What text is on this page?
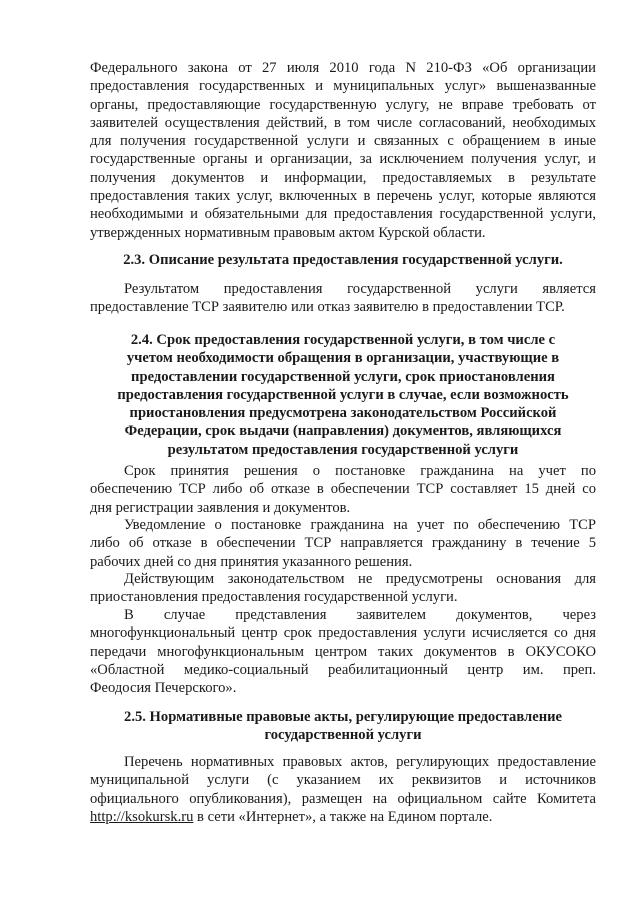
Федерального закона от 27 июля 2010 года N 210-ФЗ «Об организации
предоставления государственных и муниципальных услуг» вышеназванные
органы, предоставляющие государственную услугу, не вправе требовать от
заявителей осуществления действий, в том числе согласований, необходимых
для получения государственной услуги и связанных с обращением в иные
государственные органы и организации, за исключением получения услуг, и
получения документов и информации, предоставляемых в результате
предоставления таких услуг, включенных в перечень услуг, которые являются
необходимыми и обязательными для предоставления государственной услуги,
утвержденных нормативным правовым актом Курской области.
2.3. Описание результата предоставления государственной услуги.
Результатом предоставления государственной услуги является
предоставление ТСР заявителю или отказ заявителю в предоставлении ТСР.
2.4. Срок предоставления государственной услуги, в том числе с
учетом необходимости обращения в организации, участвующие в
предоставлении государственной услуги, срок приостановления
предоставления государственной услуги в случае, если возможность
приостановления предусмотрена законодательством Российской
Федерации, срок выдачи (направления) документов, являющихся
результатом предоставления государственной услуги
Срок принятия решения о постановке гражданина на учет по
обеспечению ТСР либо об отказе в обеспечении ТСР составляет 15 дней со
дня регистрации заявления и документов.
Уведомление о постановке гражданина на учет по обеспечению ТСР
либо об отказе в обеспечении ТСР направляется гражданину в течение 5
рабочих дней со дня принятия указанного решения.
Действующим законодательством не предусмотрены основания для
приостановления предоставления государственной услуги.
В случае представления заявителем документов, через
многофункциональный центр срок предоставления услуги исчисляется со дня
передачи многофункциональным центром таких документов в ОКУСОКО
«Областной медико-социальный реабилитационный центр им. преп.
Феодосия Печерского».
2.5. Нормативные правовые акты, регулирующие предоставление
государственной услуги
Перечень нормативных правовых актов, регулирующих предоставление
муниципальной услуги (с указанием их реквизитов и источников
официального опубликования), размещен на официальном сайте Комитета
http://ksokursk.ru в сети «Интернет», а также на Едином портале.
